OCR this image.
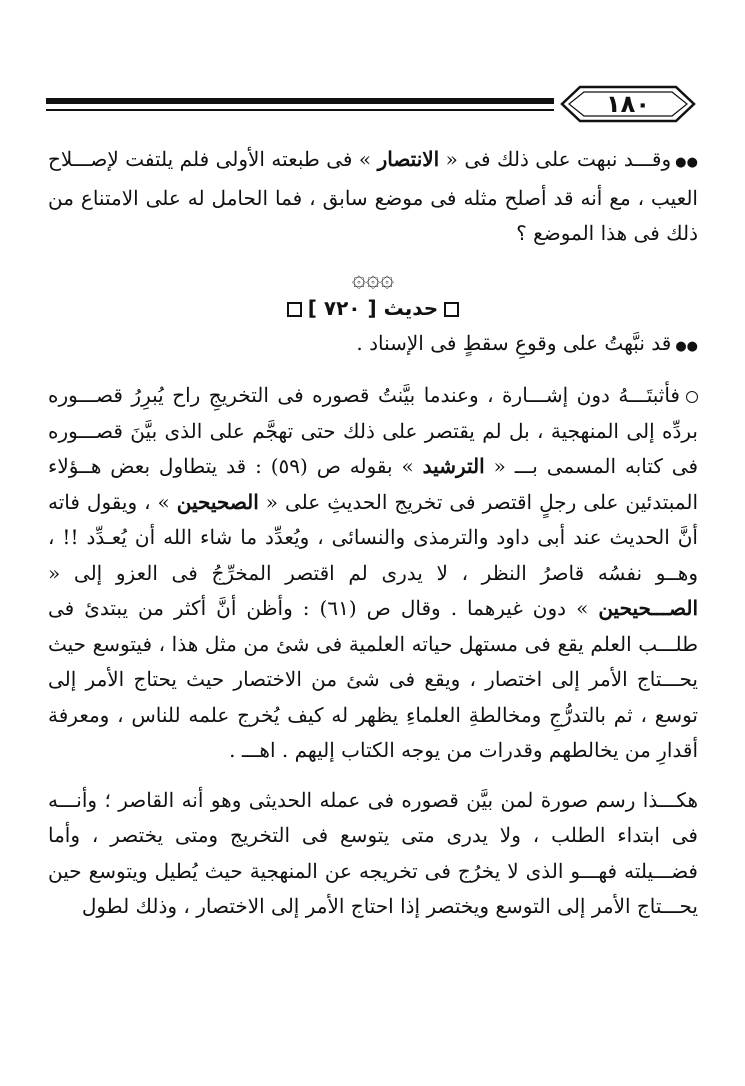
١٨٠

●●وقـــد نبهت على ذلك فى « الانتصار » فى طبعته الأولى فلم يلتفت لإصـــلاح العيب ، مع أنه قد أصلح مثله فى موضع سابق ، فما الحامل له على الامتناع من ذلك فى هذا الموضع ؟

۞۞۞
حديث [ ٧٢٠ ]

●●قد نبَّهتُ على وقوعِ سقطٍ فى الإسناد .

فأثبتَـــهُ دون إشـــارة ، وعندما بيَّنتُ قصوره فى التخريجِ راح يُبرِرُ قصـــوره بردِّه إلى المنهجية ، بل لم يقتصر على ذلك حتى تهجَّم على الذى بيَّنَ قصـــوره فى كتابه المسمى بـــ « الترشيد » بقوله ص (٥٩) : قد يتطاول بعض هــؤلاء المبتدئين على رجلٍ اقتصر فى تخريج الحديثِ على « الصحيحين » ، ويقول فاته أنَّ الحديث عند أبى داود والترمذى والنسائى ، ويُعدِّد ما شاء الله أن يُعـدِّد !! ، وهــو نفسُه قاصرُ النظر ، لا يدرى لم اقتصر المخرِّجُ فى العزو إلى « الصـــحيحين » دون غيرهما . وقال ص (٦١) : وأظن أنَّ أكثر من يبتدئ فى طلـــب العلم يقع فى مستهل حياته العلمية فى شئ من مثل هذا ، فيتوسع حيث يحـــتاج الأمر إلى اختصار ، ويقع فى شئ من الاختصار حيث يحتاج الأمر إلى توسع ، ثم بالتدرُّجِ ومخالطةِ العلماءِ يظهر له كيف يُخرج علمه للناس ، ومعرفة أقدارِ من يخالطهم وقدرات من يوجه الكتاب إليهم . اهـــ .

هكـــذا رسم صورة لمن بيَّن قصوره فى عمله الحديثى وهو أنه القاصر ؛ وأنـــه فى ابتداء الطلب ، ولا يدرى متى يتوسع فى التخريج ومتى يختصر ، وأما فضـــيلته فهـــو الذى لا يخرُج فى تخريجه عن المنهجية حيث يُطيل ويتوسع حين يحـــتاج الأمر إلى التوسع ويختصر إذا احتاج الأمر إلى الاختصار ، وذلك لطول
